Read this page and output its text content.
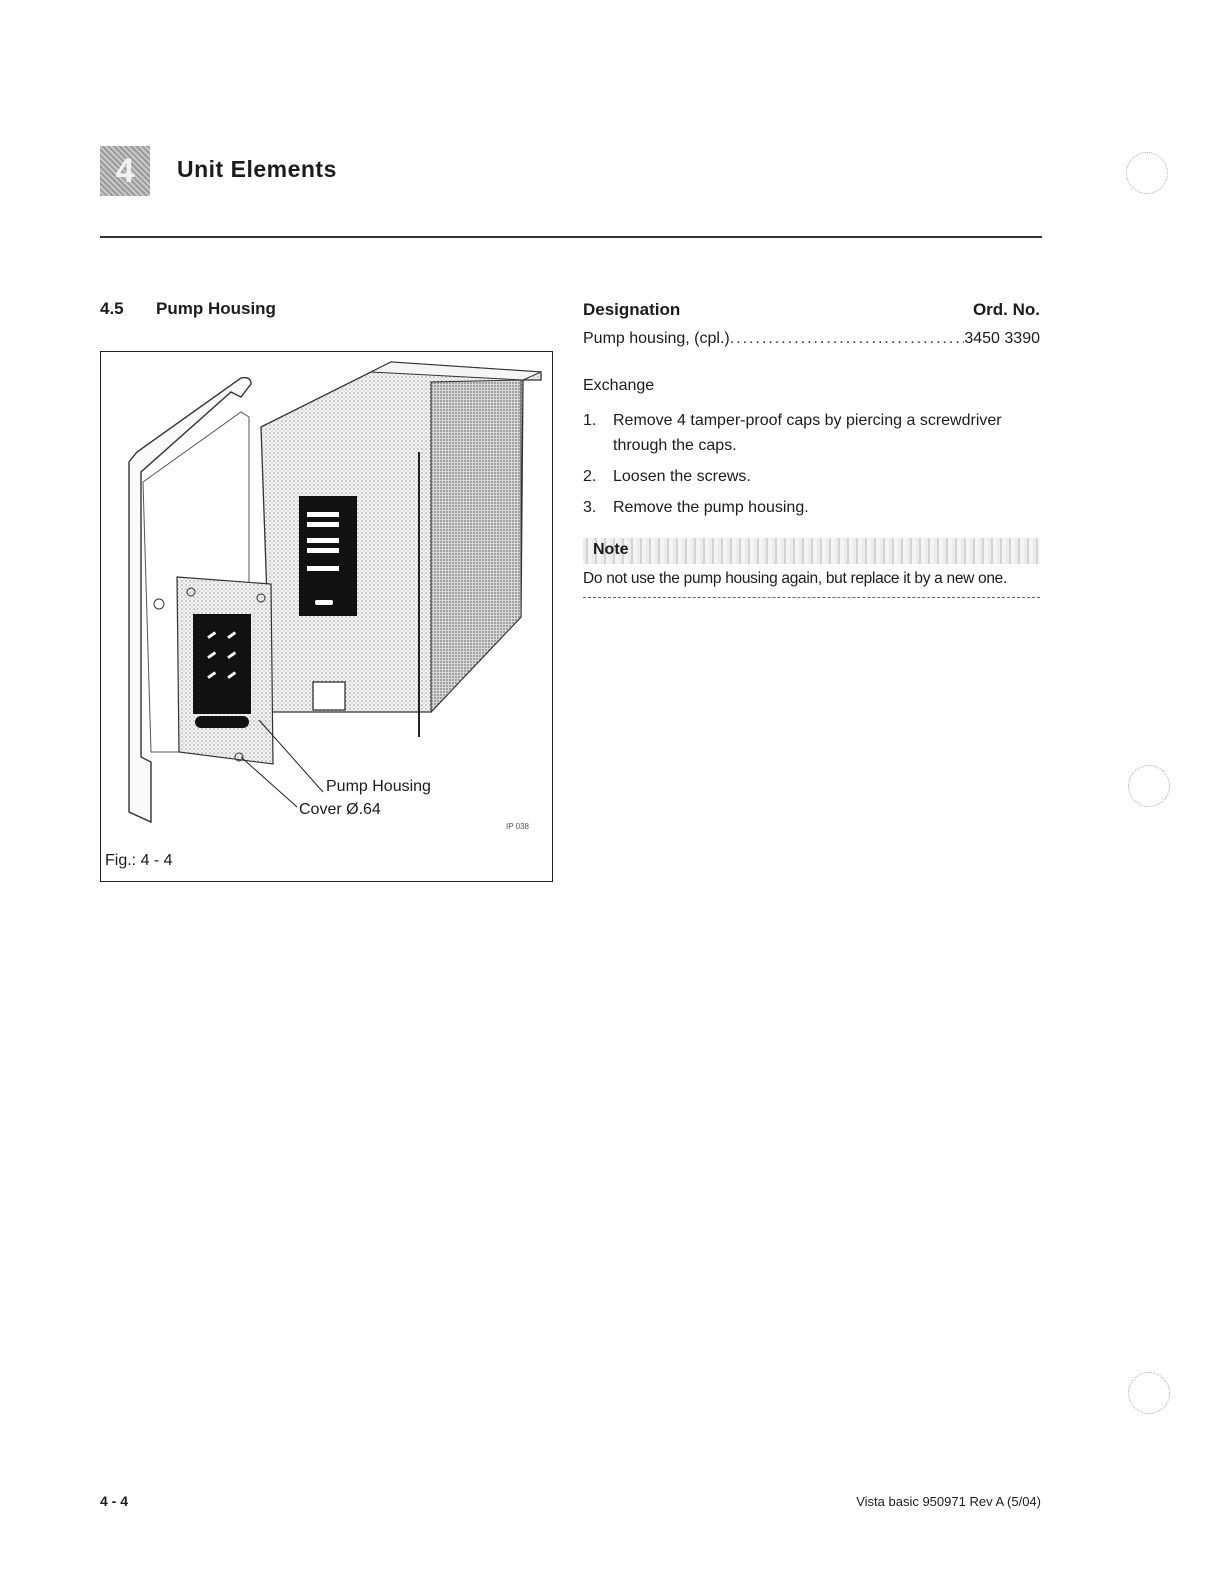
4	Unit Elements
4.5 Pump Housing
Pump Housing
Cover Ø.64
IP 038
Fig.: 4 - 4
Designation	Ord. No.
Pump housing, (cpl.)
.....	3450 3390
Exchange
1.	Remove 4 tamper-proof caps by piercing a screwdriver through the caps.
2.	Loosen the screws.
3.	Remove the pump housing.
Note
Do not use the pump housing again, but replace it by a new one.
4 - 4	Vista basic 950971 Rev A (5/04)
